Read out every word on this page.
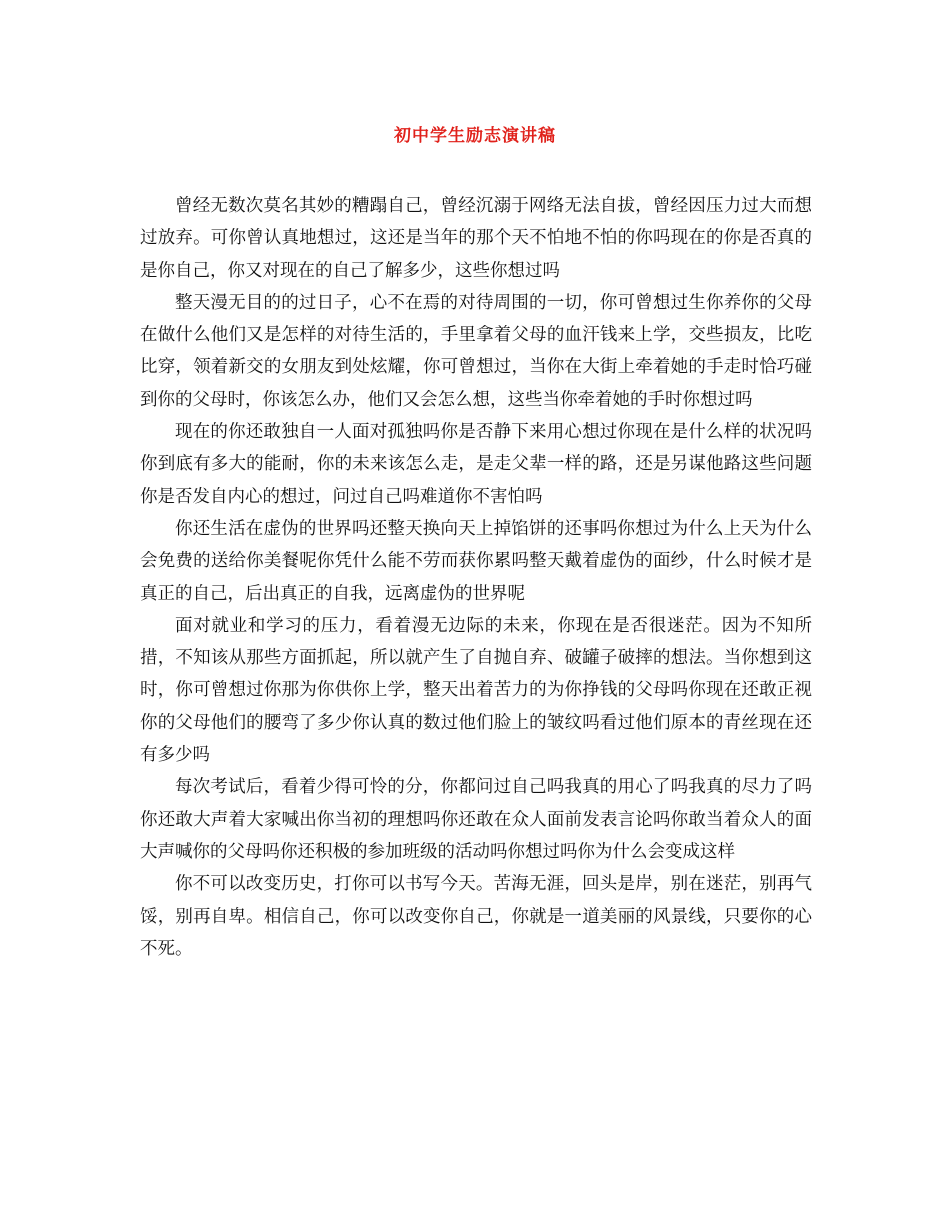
初中学生励志演讲稿

曾经无数次莫名其妙的糟蹋自己，曾经沉溺于网络无法自拔，曾经因压力过大而想过放弃。可你曾认真地想过，这还是当年的那个天不怕地不怕的你吗现在的你是否真的是你自己，你又对现在的自己了解多少，这些你想过吗

整天漫无目的的过日子，心不在焉的对待周围的一切，你可曾想过生你养你的父母在做什么他们又是怎样的对待生活的，手里拿着父母的血汗钱来上学，交些损友，比吃比穿，领着新交的女朋友到处炫耀，你可曾想过，当你在大街上牵着她的手走时恰巧碰到你的父母时，你该怎么办，他们又会怎么想，这些当你牵着她的手时你想过吗

现在的你还敢独自一人面对孤独吗你是否静下来用心想过你现在是什么样的状况吗你到底有多大的能耐，你的未来该怎么走，是走父辈一样的路，还是另谋他路这些问题你是否发自内心的想过，问过自己吗难道你不害怕吗

你还生活在虚伪的世界吗还整天换向天上掉馅饼的还事吗你想过为什么上天为什么会免费的送给你美餐呢你凭什么能不劳而获你累吗整天戴着虚伪的面纱，什么时候才是真正的自己，后出真正的自我，远离虚伪的世界呢

面对就业和学习的压力，看着漫无边际的未来，你现在是否很迷茫。因为不知所措，不知该从那些方面抓起，所以就产生了自抛自弃、破罐子破摔的想法。当你想到这时，你可曾想过你那为你供你上学，整天出着苦力的为你挣钱的父母吗你现在还敢正视你的父母他们的腰弯了多少你认真的数过他们脸上的皱纹吗看过他们原本的青丝现在还有多少吗

每次考试后，看着少得可怜的分，你都问过自己吗我真的用心了吗我真的尽力了吗你还敢大声着大家喊出你当初的理想吗你还敢在众人面前发表言论吗你敢当着众人的面大声喊你的父母吗你还积极的参加班级的活动吗你想过吗你为什么会变成这样

你不可以改变历史，打你可以书写今天。苦海无涯，回头是岸，别在迷茫，别再气馁，别再自卑。相信自己，你可以改变你自己，你就是一道美丽的风景线，只要你的心不死。
